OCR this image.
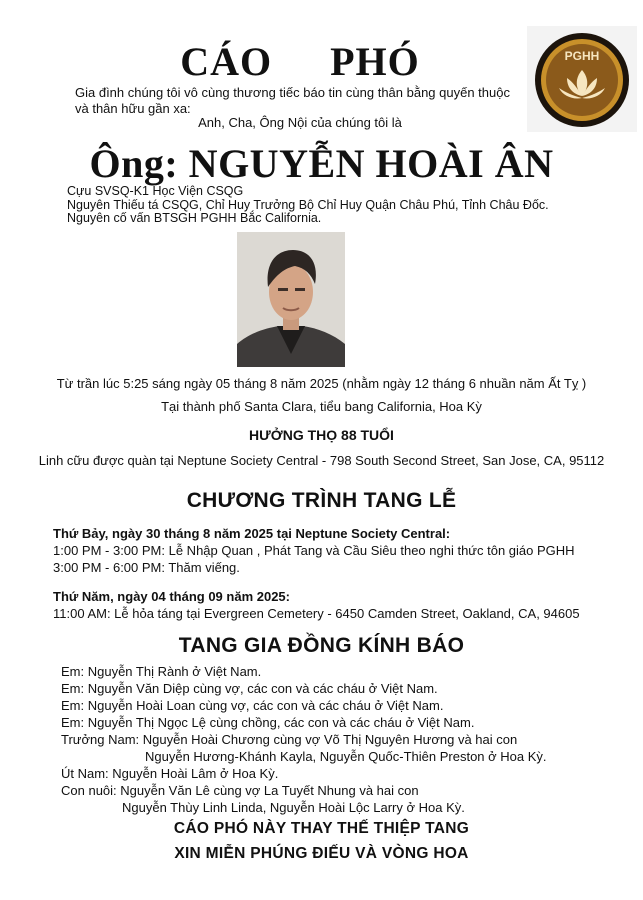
CÁO  PHÓ	PGHH
Gia đình chúng tôi vô cùng thương tiếc báo tin cùng thân bằng quyến thuộc và thân hữu gần xa:
Anh, Cha, Ông Nội của chúng tôi là
Ông: NGUYỄN HOÀI ÂN
Cựu SVSQ-K1 Học Viện CSQG
Nguyên Thiếu tá CSQG, Chỉ Huy Trưởng Bộ Chỉ Huy Quận Châu Phú, Tỉnh Châu Đốc.
Nguyên cố vấn BTSGH PGHH Bắc California.
Từ trần lúc 5:25 sáng ngày 05 tháng 8 năm 2025 (nhằm ngày 12 tháng 6 nhuần năm Ất Tỵ )
Tại thành phố Santa Clara, tiểu bang California, Hoa Kỳ
HƯỞNG THỌ 88 TUỔI
Linh cữu được quàn tại Neptune Society Central - 798 South Second Street, San Jose, CA, 95112
CHƯƠNG TRÌNH TANG LỄ
Thứ Bảy, ngày 30 tháng 8 năm 2025 tại Neptune Society Central:
1:00 PM - 3:00 PM: Lễ Nhập Quan , Phát Tang và Cầu Siêu theo nghi thức tôn giáo PGHH
3:00 PM - 6:00 PM: Thăm viếng.
Thứ Năm, ngày 04 tháng 09 năm 2025:
11:00 AM: Lễ hỏa táng tại Evergreen Cemetery - 6450 Camden Street, Oakland, CA, 94605
TANG GIA ĐỒNG KÍNH BÁO
Em: Nguyễn Thị Rành ở Việt Nam.
Em: Nguyễn Văn Diệp cùng vợ, các con và các cháu ở Việt Nam.
Em: Nguyễn Hoài Loan cùng vợ, các con và các cháu ở Việt Nam.
Em: Nguyễn Thị Ngọc Lệ cùng chồng, các con và các cháu ở Việt Nam.
Trưởng Nam: Nguyễn Hoài Chương cùng vợ Võ Thị Nguyên Hương và hai con
Nguyễn Hương-Khánh Kayla, Nguyễn Quốc-Thiên Preston ở Hoa Kỳ.
Út Nam: Nguyễn Hoài Lâm ở Hoa Kỳ.
Con nuôi: Nguyễn Văn Lê cùng vợ La Tuyết Nhung và hai con
Nguyễn Thùy Linh Linda, Nguyễn Hoài Lộc Larry ở Hoa Kỳ.
CÁO PHÓ NÀY THAY THẾ THIỆP TANG
XIN MIỄN PHÚNG ĐIẾU VÀ VÒNG HOA
